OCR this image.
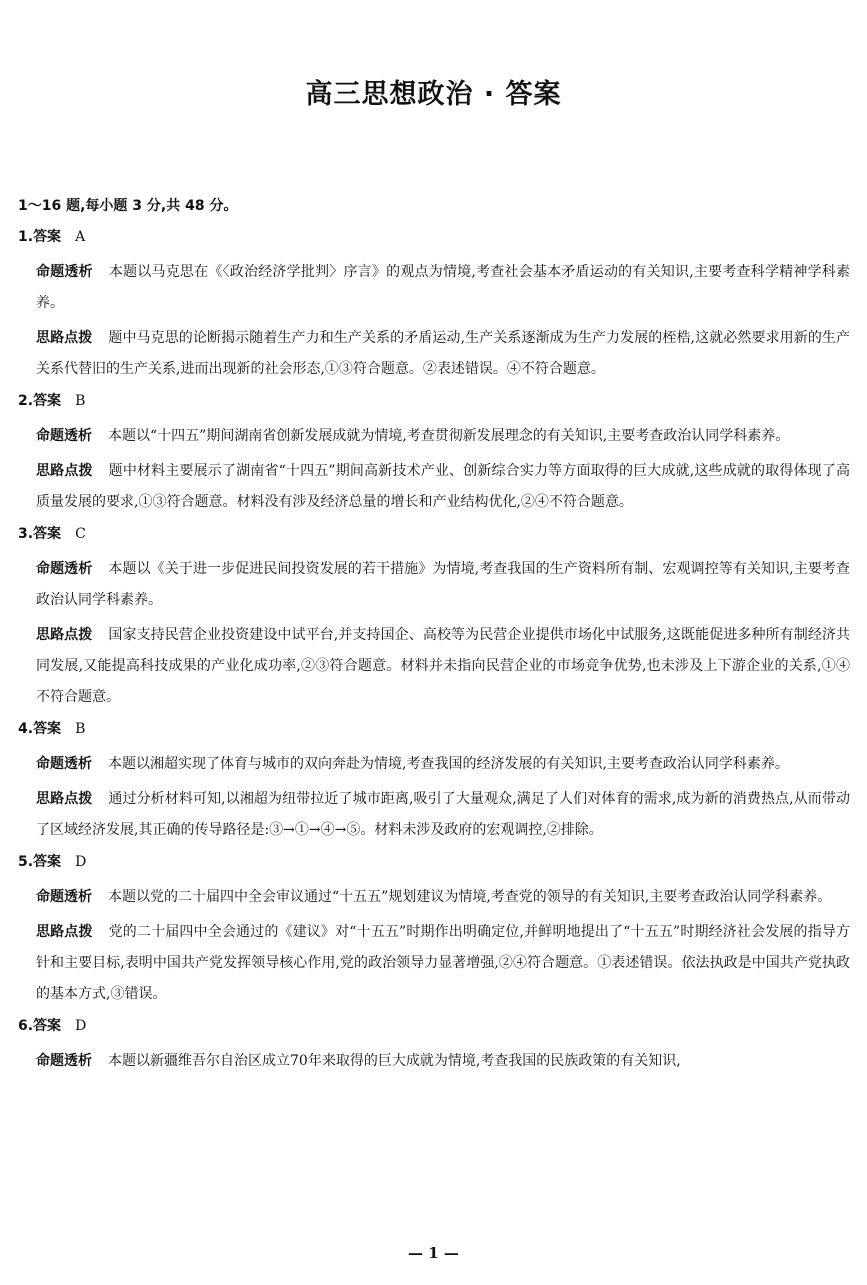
高三思想政治 · 答案
1～16 题,每小题 3 分,共 48 分。
1.答案 A
命题透析 本题以马克思在《〈政治经济学批判〉序言》的观点为情境,考查社会基本矛盾运动的有关知识,主要考查科学精神学科素养。
思路点拨 题中马克思的论断揭示随着生产力和生产关系的矛盾运动,生产关系逐渐成为生产力发展的桎梏,这就必然要求用新的生产关系代替旧的生产关系,进而出现新的社会形态,①③符合题意。②表述错误。④不符合题意。
2.答案 B
命题透析 本题以“十四五”期间湖南省创新发展成就为情境,考查贯彻新发展理念的有关知识,主要考查政治认同学科素养。
思路点拨 题中材料主要展示了湖南省“十四五”期间高新技术产业、创新综合实力等方面取得的巨大成就,这些成就的取得体现了高质量发展的要求,①③符合题意。材料没有涉及经济总量的增长和产业结构优化,②④不符合题意。
3.答案 C
命题透析 本题以《关于进一步促进民间投资发展的若干措施》为情境,考查我国的生产资料所有制、宏观调控等有关知识,主要考查政治认同学科素养。
思路点拨 国家支持民营企业投资建设中试平台,并支持国企、高校等为民营企业提供市场化中试服务,这既能促进多种所有制经济共同发展,又能提高科技成果的产业化成功率,②③符合题意。材料并未指向民营企业的市场竞争优势,也未涉及上下游企业的关系,①④不符合题意。
4.答案 B
命题透析 本题以湘超实现了体育与城市的双向奔赴为情境,考查我国的经济发展的有关知识,主要考查政治认同学科素养。
思路点拨 通过分析材料可知,以湘超为纽带拉近了城市距离,吸引了大量观众,满足了人们对体育的需求,成为新的消费热点,从而带动了区域经济发展,其正确的传导路径是:③→①→④→⑤。材料未涉及政府的宏观调控,②排除。
5.答案 D
命题透析 本题以党的二十届四中全会审议通过“十五五”规划建议为情境,考查党的领导的有关知识,主要考查政治认同学科素养。
思路点拨 党的二十届四中全会通过的《建议》对“十五五”时期作出明确定位,并鲜明地提出了“十五五”时期经济社会发展的指导方针和主要目标,表明中国共产党发挥领导核心作用,党的政治领导力显著增强,②④符合题意。①表述错误。依法执政是中国共产党执政的基本方式,③错误。
6.答案 D
命题透析 本题以新疆维吾尔自治区成立70年来取得的巨大成就为情境,考查我国的民族政策的有关知识,
— 1 —
